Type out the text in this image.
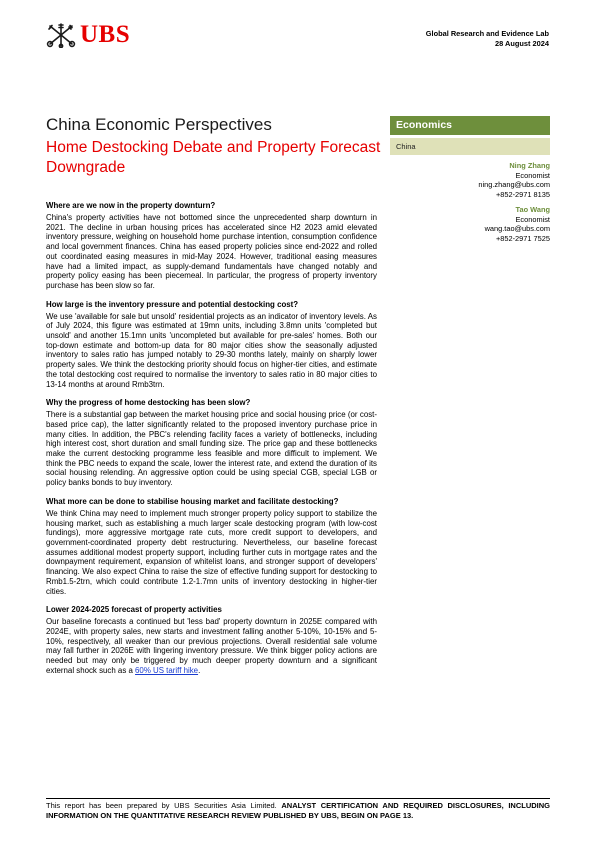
UBS	Global Research and Evidence Lab
28 August 2024
China Economic Perspectives
Home Destocking Debate and Property Forecast Downgrade
Economics
China
Ning Zhang
Economist
ning.zhang@ubs.com
+852-2971 8135
Tao Wang
Economist
wang.tao@ubs.com
+852-2971 7525
Where are we now in the property downturn?

China's property activities have not bottomed since the unprecedented sharp downturn in 2021. The decline in urban housing prices has accelerated since H2 2023 amid elevated inventory pressure, weighing on household home purchase intention, consumption confidence and local government finances. China has eased property policies since end-2022 and rolled out coordinated easing measures in mid-May 2024. However, traditional easing measures have had a limited impact, as supply-demand fundamentals have changed notably and property policy easing has been piecemeal. In particular, the progress of property inventory purchase has been slow so far.

How large is the inventory pressure and potential destocking cost?

We use 'available for sale but unsold' residential projects as an indicator of inventory levels. As of July 2024, this figure was estimated at 19mn units, including 3.8mn units 'completed but unsold' and another 15.1mn units 'uncompleted but available for pre-sales' homes. Both our top-down estimate and bottom-up data for 80 major cities show the seasonally adjusted inventory to sales ratio has jumped notably to 29-30 months lately, mainly on sharply lower property sales. We think the destocking priority should focus on higher-tier cities, and estimate the total destocking cost required to normalise the inventory to sales ratio in 80 major cities to 13-14 months at around Rmb3trn.

Why the progress of home destocking has been slow?

There is a substantial gap between the market housing price and social housing price (or cost-based price cap), the latter significantly related to the proposed inventory purchase price in many cities. In addition, the PBC's relending facility faces a variety of bottlenecks, including high interest cost, short duration and small funding size. The price gap and these bottlenecks make the current destocking programme less feasible and more difficult to implement. We think the PBC needs to expand the scale, lower the interest rate, and extend the duration of its social housing relending. An aggressive option could be using special CGB, special LGB or policy banks bonds to buy inventory.

What more can be done to stabilise housing market and facilitate destocking?

We think China may need to implement much stronger property policy support to stabilize the housing market, such as establishing a much larger scale destocking program (with low-cost fundings), more aggressive mortgage rate cuts, more credit support to developers, and government-coordinated property debt restructuring. Nevertheless, our baseline forecast assumes additional modest property support, including further cuts in mortgage rates and the downpayment requirement, expansion of whitelist loans, and stronger support of developers' financing. We also expect China to raise the size of effective funding support for destocking to Rmb1.5-2trn, which could contribute 1.2-1.7mn units of inventory destocking in higher-tier cities.

Lower 2024-2025 forecast of property activities

Our baseline forecasts a continued but 'less bad' property downturn in 2025E compared with 2024E, with property sales, new starts and investment falling another 5-10%, 10-15% and 5-10%, respectively, all weaker than our previous projections. Overall residential sale volume may fall further in 2026E with lingering inventory pressure. We think bigger policy actions are needed but may only be triggered by much deeper property downturn and a significant external shock such as a 60% US tariff hike.

This report has been prepared by UBS Securities Asia Limited. ANALYST CERTIFICATION AND REQUIRED DISCLOSURES, INCLUDING INFORMATION ON THE QUANTITATIVE RESEARCH REVIEW PUBLISHED BY UBS, BEGIN ON PAGE 13.
